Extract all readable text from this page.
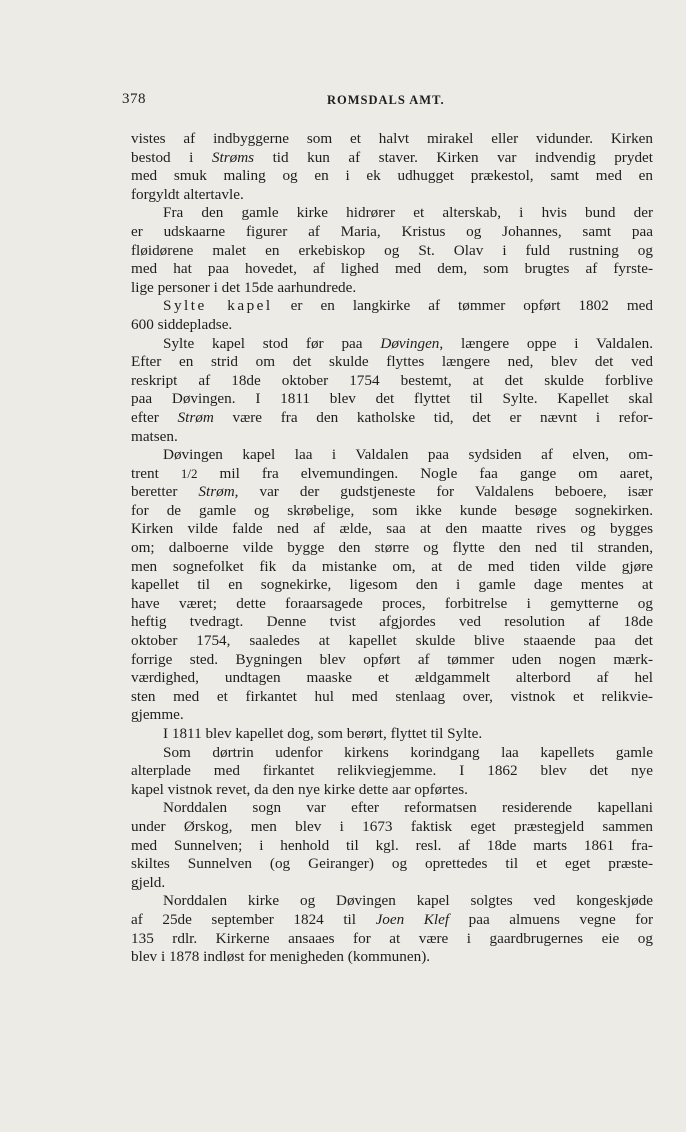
378	ROMSDALS AMT.
vistes af indbyggerne som et halvt mirakel eller vidunder. Kirken
bestod i Strøms tid kun af staver. Kirken var indvendig prydet
med smuk maling og en i ek udhugget prækestol, samt med en
forgyldt altertavle.
Fra den gamle kirke hidrører et alterskab, i hvis bund der
er udskaarne figurer af Maria, Kristus og Johannes, samt paa
fløidørene malet en erkebiskop og St. Olav i fuld rustning og
med hat paa hovedet, af lighed med dem, som brugtes af fyrste-
lige personer i det 15de aarhundrede.
Sylte kapel er en langkirke af tømmer opført 1802 med
600 siddepladse.
Sylte kapel stod før paa Døvingen, længere oppe i Valdalen.
Efter en strid om det skulde flyttes længere ned, blev det ved
reskript af 18de oktober 1754 bestemt, at det skulde forblive
paa Døvingen. I 1811 blev det flyttet til Sylte. Kapellet skal
efter Strøm være fra den katholske tid, det er nævnt i refor-
matsen.
Døvingen kapel laa i Valdalen paa sydsiden af elven, om-
trent 1/2 mil fra elvemundingen. Nogle faa gange om aaret,
beretter Strøm, var der gudstjeneste for Valdalens beboere, især
for de gamle og skrøbelige, som ikke kunde besøge sognekirken.
Kirken vilde falde ned af ælde, saa at den maatte rives og bygges
om; dalboerne vilde bygge den større og flytte den ned til stranden,
men sognefolket fik da mistanke om, at de med tiden vilde gjøre
kapellet til en sognekirke, ligesom den i gamle dage mentes at
have været; dette foraarsagede proces, forbitrelse i gemytterne og
heftig tvedragt. Denne tvist afgjordes ved resolution af 18de
oktober 1754, saaledes at kapellet skulde blive staaende paa det
forrige sted. Bygningen blev opført af tømmer uden nogen mærk-
værdighed, undtagen maaske et ældgammelt alterbord af hel
sten med et firkantet hul med stenlaag over, vistnok et relikvie-
gjemme.
I 1811 blev kapellet dog, som berørt, flyttet til Sylte.
Som dørtrin udenfor kirkens korindgang laa kapellets gamle
alterplade med firkantet relikviegjemme. I 1862 blev det nye
kapel vistnok revet, da den nye kirke dette aar opførtes.
Norddalen sogn var efter reformatsen residerende kapellani
under Ørskog, men blev i 1673 faktisk eget præstegjeld sammen
med Sunnelven; i henhold til kgl. resl. af 18de marts 1861 fra-
skiltes Sunnelven (og Geiranger) og oprettedes til et eget præste-
gjeld.
Norddalen kirke og Døvingen kapel solgtes ved kongeskjøde
af 25de september 1824 til Joen Klef paa almuens vegne for
135 rdlr. Kirkerne ansaaes for at være i gaardbrugernes eie og
blev i 1878 indløst for menigheden (kommunen).
